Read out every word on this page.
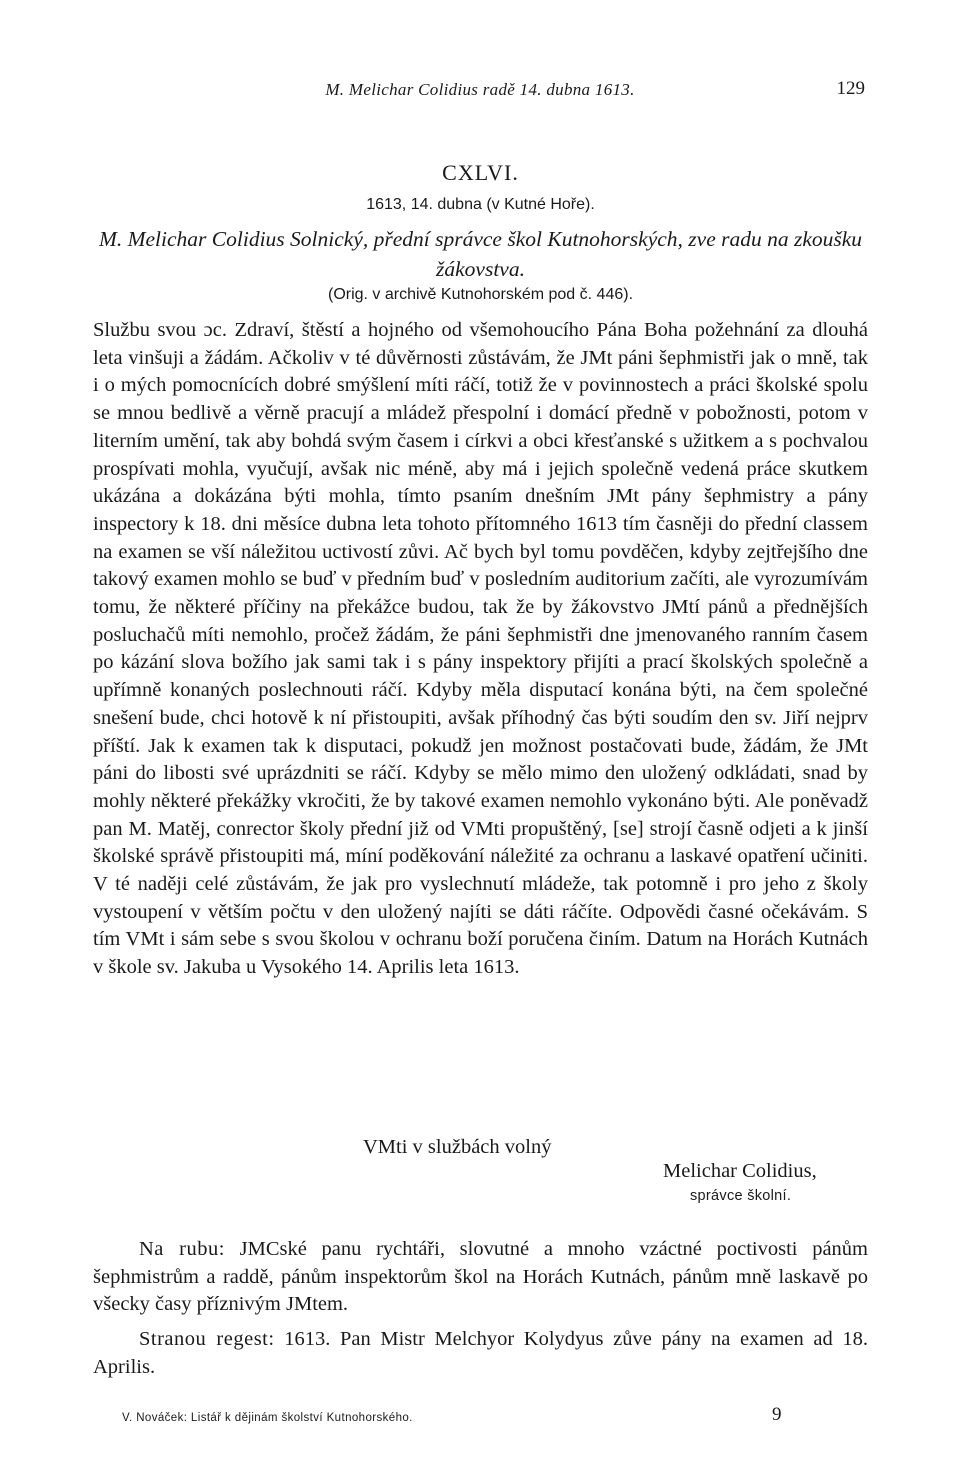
M. Melichar Colidius radě 14. dubna 1613.	129
CXLVI.
1613, 14. dubna (v Kutné Hoře).
M. Melichar Colidius Solnický, přední správce škol Kutnohorských, zve radu na zkoušku žákovstva.
(Orig. v archivě Kutnohorském pod č. 446).

Službu svou ɔc. Zdraví, štěstí a hojného od všemohoucího Pána Boha požehnání za dlouhá leta vinšuji a žádám. Ačkoliv v té důvěrnosti zůstávám, že JMt páni šephmistři jak o mně, tak i o mých pomocnících dobré smýšlení míti ráčí, totiž že v povinnostech a práci školské spolu se mnou bedlivě a věrně pracují a mládež přespolní i domácí předně v pobožnosti, potom v literním umění, tak aby bohdá svým časem i církvi a obci křesťanské s užitkem a s pochvalou prospívati mohla, vyučují, avšak nic méně, aby má i jejich společně vedená práce skutkem ukázána a dokázána býti mohla, tímto psaním dnešním JMt pány šephmistry a pány inspectory k 18. dni měsíce dubna leta tohoto přítomného 1613 tím časněji do přední classem na examen se vší náležitou uctivostí zůvi. Ač bych byl tomu povděčen, kdyby zejtřejšího dne takový examen mohlo se buď v předním buď v posledním auditorium začíti, ale vyrozumívám tomu, že některé příčiny na překážce budou, tak že by žákovstvo JMtí pánů a přednějších posluchačů míti nemohlo, pročež žádám, že páni šephmistři dne jmenovaného ranním časem po kázání slova božího jak sami tak i s pány inspektory přijíti a prací školských společně a upřímně konaných poslechnouti ráčí. Kdyby měla disputací konána býti, na čem společné snešení bude, chci hotově k ní přistoupiti, avšak příhodný čas býti soudím den sv. Jiří nejprv příští. Jak k examen tak k disputaci, pokudž jen možnost postačovati bude, žádám, že JMt páni do libosti své uprázdniti se ráčí. Kdyby se mělo mimo den uložený odkládati, snad by mohly některé překážky vkročiti, že by takové examen nemohlo vykonáno býti. Ale poněvadž pan M. Matěj, conrector školy přední již od VMti propuštěný, [se] strojí časně odjeti a k jinší školské správě přistoupiti má, míní poděkování náležité za ochranu a laskavé opatření učiniti. V té naději celé zůstávám, že jak pro vyslechnutí mládeže, tak potomně i pro jeho z školy vystoupení v větším počtu v den uložený najíti se dáti ráčíte. Odpovědi časné očekávám. S tím VMt i sám sebe s svou školou v ochranu boží poručena činím. Datum na Horách Kutnách v škole sv. Jakuba u Vysokého 14. Aprilis leta 1613.

VMti v službách volný
Melichar Colidius,
správce školní.

Na rubu: JMCské panu rychtáři, slovutné a mnoho vzáctné poctivosti pánům šephmistrům a raddě, pánům inspektorům škol na Horách Kutnách, pánům mně laskavě po všecky časy příznivým JMtem.

Stranou regest: 1613. Pan Mistr Melchyor Kolydyus zůve pány na examen ad 18. Aprilis.

V. Nováček: Listář k dějinám školství Kutnohorského.	9
